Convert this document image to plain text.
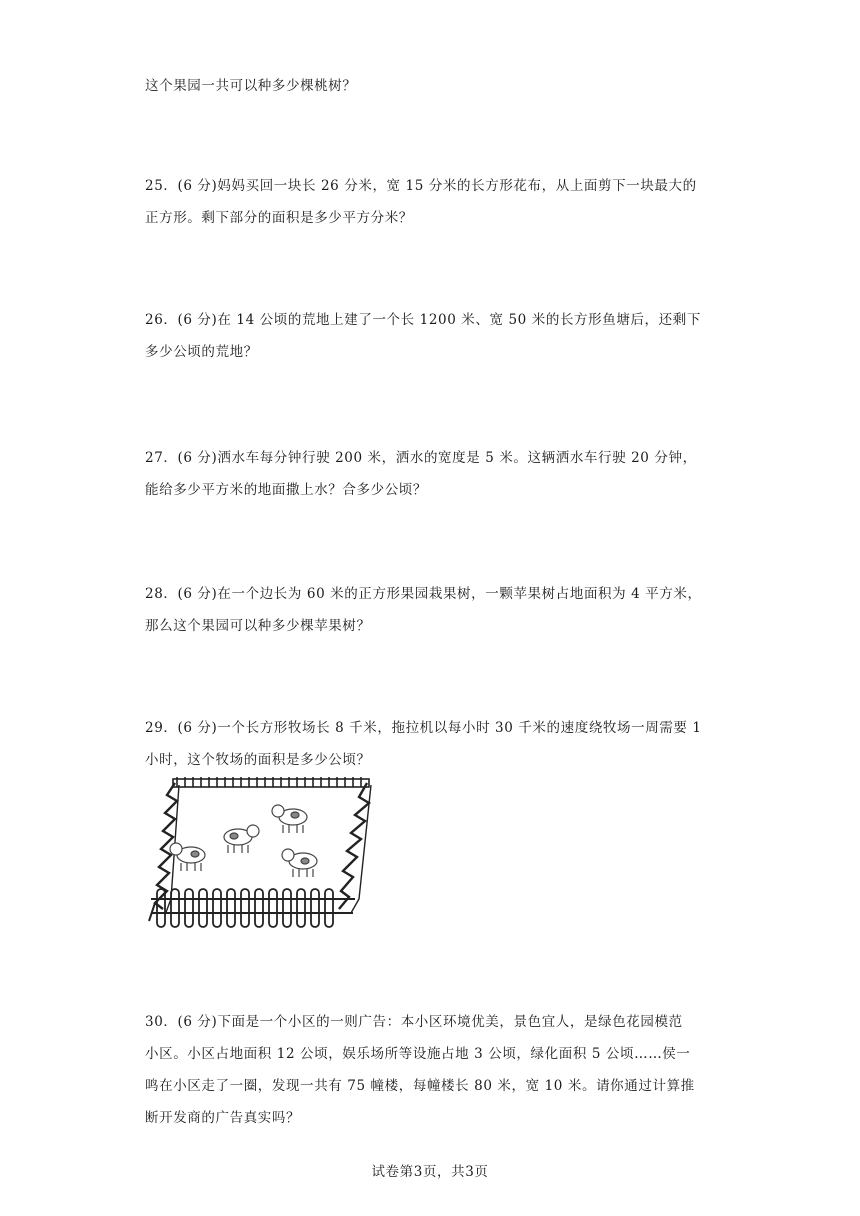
这个果园一共可以种多少棵桃树？
25．(6 分)妈妈买回一块长 26 分米，宽 15 分米的长方形花布，从上面剪下一块最大的
正方形。剩下部分的面积是多少平方分米？
26．(6 分)在 14 公顷的荒地上建了一个长 1200 米、宽 50 米的长方形鱼塘后，还剩下
多少公顷的荒地？
27．(6 分)洒水车每分钟行驶 200 米，洒水的宽度是 5 米。这辆洒水车行驶 20 分钟，
能给多少平方米的地面撒上水？合多少公顷？
28．(6 分)在一个边长为 60 米的正方形果园栽果树，一颗苹果树占地面积为 4 平方米，
那么这个果园可以种多少棵苹果树？
29．(6 分)一个长方形牧场长 8 千米，拖拉机以每小时 30 千米的速度绕牧场一周需要 1
小时，这个牧场的面积是多少公顷？
30．(6 分)下面是一个小区的一则广告：本小区环境优美，景色宜人，是绿色花园模范
小区。小区占地面积 12 公顷，娱乐场所等设施占地 3 公顷，绿化面积 5 公顷……侯一
鸣在小区走了一圈，发现一共有 75 幢楼，每幢楼长 80 米，宽 10 米。请你通过计算推
断开发商的广告真实吗？
试卷第3页，共3页
